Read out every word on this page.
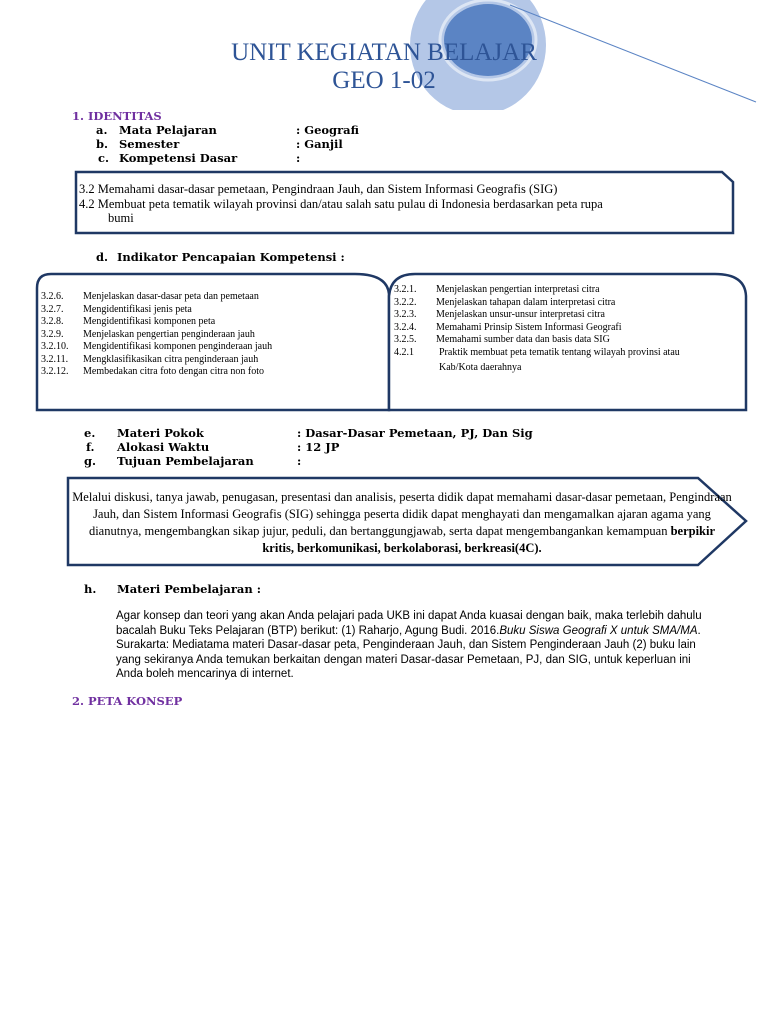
UNIT KEGIATAN BELAJAR
GEO 1-02
1. IDENTITAS
a. Mata Pelajaran	: Geografi
b. Semester	: Ganjil
c. Kompetensi Dasar	:
3.2 Memahami dasar-dasar pemetaan, Pengindraan Jauh, dan Sistem Informasi Geografis (SIG)
4.2 Membuat peta tematik wilayah provinsi dan/atau salah satu pulau di Indonesia berdasarkan peta rupa
bumi
d. Indikator Pencapaian Kompetensi :
3.2.6. Menjelaskan dasar-dasar peta dan pemetaan
3.2.7. Mengidentifikasi jenis peta
3.2.8. Mengidentifikasi komponen peta
3.2.9. Menjelaskan pengertian penginderaan jauh
3.2.10. Mengidentifikasi komponen penginderaan jauh
3.2.11. Mengklasifikasikan citra penginderaan jauh
3.2.12. Membedakan citra foto dengan citra non foto
3.2.1. Menjelaskan pengertian interpretasi citra
3.2.2. Menjelaskan tahapan dalam interpretasi citra
3.2.3. Menjelaskan unsur-unsur interpretasi citra
3.2.4. Memahami Prinsip Sistem Informasi Geografi
3.2.5. Memahami sumber data dan basis data SIG
4.2.1	Praktik membuat peta tematik tentang wilayah provinsi atau
Kab/Kota daerahnya
e. Materi Pokok	: Dasar-Dasar Pemetaan, PJ, Dan Sig
f. Alokasi Waktu	: 12 JP
g. Tujuan Pembelajaran	:
Melalui diskusi, tanya jawab, penugasan, presentasi dan analisis, peserta didik dapat memahami dasar-dasar pemetaan, Pengindraan Jauh, dan Sistem Informasi Geografis (SIG) sehingga peserta didik dapat menghayati dan mengamalkan ajaran agama yang dianutnya, mengembangkan sikap jujur, peduli, dan bertanggungjawab, serta dapat mengembangankan kemampuan berpikir kritis, berkomunikasi, berkolaborasi, berkreasi(4C).
h. Materi Pembelajaran :
Agar konsep dan teori yang akan Anda pelajari pada UKB ini dapat Anda kuasai dengan baik, maka terlebih dahulu bacalah Buku Teks Pelajaran (BTP) berikut: (1) Raharjo, Agung Budi. 2016.Buku Siswa Geografi X untuk SMA/MA. Surakarta: Mediatama materi Dasar-dasar peta, Penginderaan Jauh, dan Sistem Penginderaan Jauh (2) buku lain yang sekiranya Anda temukan berkaitan dengan materi Dasar-dasar Pemetaan, PJ, dan SIG, untuk keperluan ini Anda boleh mencarinya di internet.
2. PETA KONSEP
